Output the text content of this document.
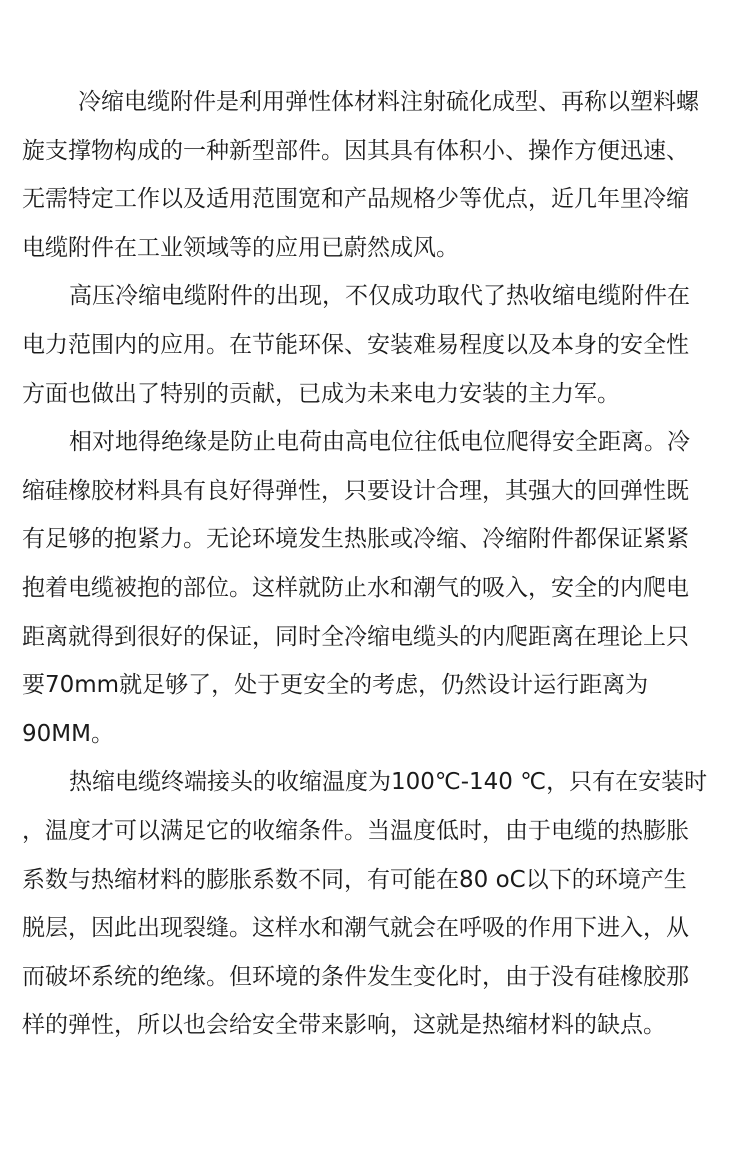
冷缩电缆附件是利用弹性体材料注射硫化成型、再称以塑料螺
旋支撑物构成的一种新型部件。因其具有体积小、操作方便迅速、
无需特定工作以及适用范围宽和产品规格少等优点，近几年里冷缩
电缆附件在工业领域等的应用已蔚然成风。

高压冷缩电缆附件的出现，不仅成功取代了热收缩电缆附件在
电力范围内的应用。在节能环保、安装难易程度以及本身的安全性
方面也做出了特别的贡献，已成为未来电力安装的主力军。

相对地得绝缘是防止电荷由高电位往低电位爬得安全距离。冷
缩硅橡胶材料具有良好得弹性，只要设计合理，其强大的回弹性既
有足够的抱紧力。无论环境发生热胀或冷缩、冷缩附件都保证紧紧
抱着电缆被抱的部位。这样就防止水和潮气的吸入，安全的内爬电
距离就得到很好的保证，同时全冷缩电缆头的内爬距离在理论上只
要70mm就足够了，处于更安全的考虑，仍然设计运行距离为
90MM。

热缩电缆终端接头的收缩温度为100℃-140 ℃，只有在安装时
，温度才可以满足它的收缩条件。当温度低时，由于电缆的热膨胀
系数与热缩材料的膨胀系数不同，有可能在80 oC以下的环境产生
脱层，因此出现裂缝。这样水和潮气就会在呼吸的作用下进入，从
而破坏系统的绝缘。但环境的条件发生变化时，由于没有硅橡胶那
样的弹性，所以也会给安全带来影响，这就是热缩材料的缺点。
